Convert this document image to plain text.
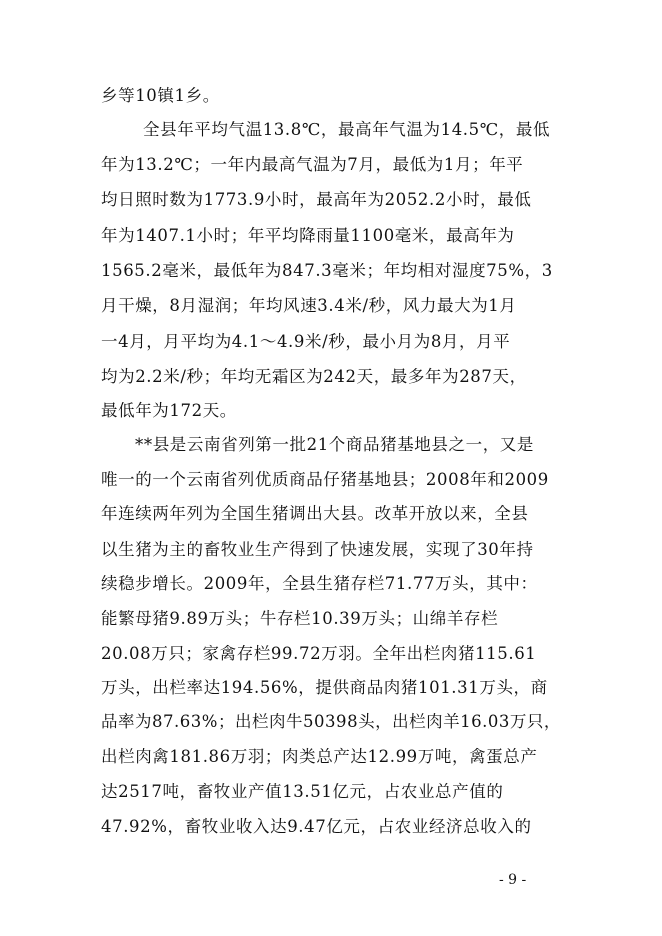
乡等10镇1乡。
全县年平均气温13.8℃，最高年气温为14.5℃，最低
年为13.2℃；一年内最高气温为7月，最低为1月；年平
均日照时数为1773.9小时，最高年为2052.2小时，最低
年为1407.1小时；年平均降雨量1100毫米，最高年为
1565.2毫米，最低年为847.3毫米；年均相对湿度75%，3
月干燥，8月湿润；年均风速3.4米/秒，风力最大为1月
一4月，月平均为4.1～4.9米/秒，最小月为8月，月平
均为2.2米/秒；年均无霜区为242天，最多年为287天，
最低年为172天。
**县是云南省列第一批21个商品猪基地县之一，又是
唯一的一个云南省列优质商品仔猪基地县；2008年和2009
年连续两年列为全国生猪调出大县。改革开放以来，全县
以生猪为主的畜牧业生产得到了快速发展，实现了30年持
续稳步增长。2009年，全县生猪存栏71.77万头，其中：
能繁母猪9.89万头；牛存栏10.39万头；山绵羊存栏
20.08万只；家禽存栏99.72万羽。全年出栏肉猪115.61
万头，出栏率达194.56%，提供商品肉猪101.31万头，商
品率为87.63%；出栏肉牛50398头，出栏肉羊16.03万只，
出栏肉禽181.86万羽；肉类总产达12.99万吨，禽蛋总产
达2517吨，畜牧业产值13.51亿元，占农业总产值的
47.92%，畜牧业收入达9.47亿元，占农业经济总收入的
- 9 -
